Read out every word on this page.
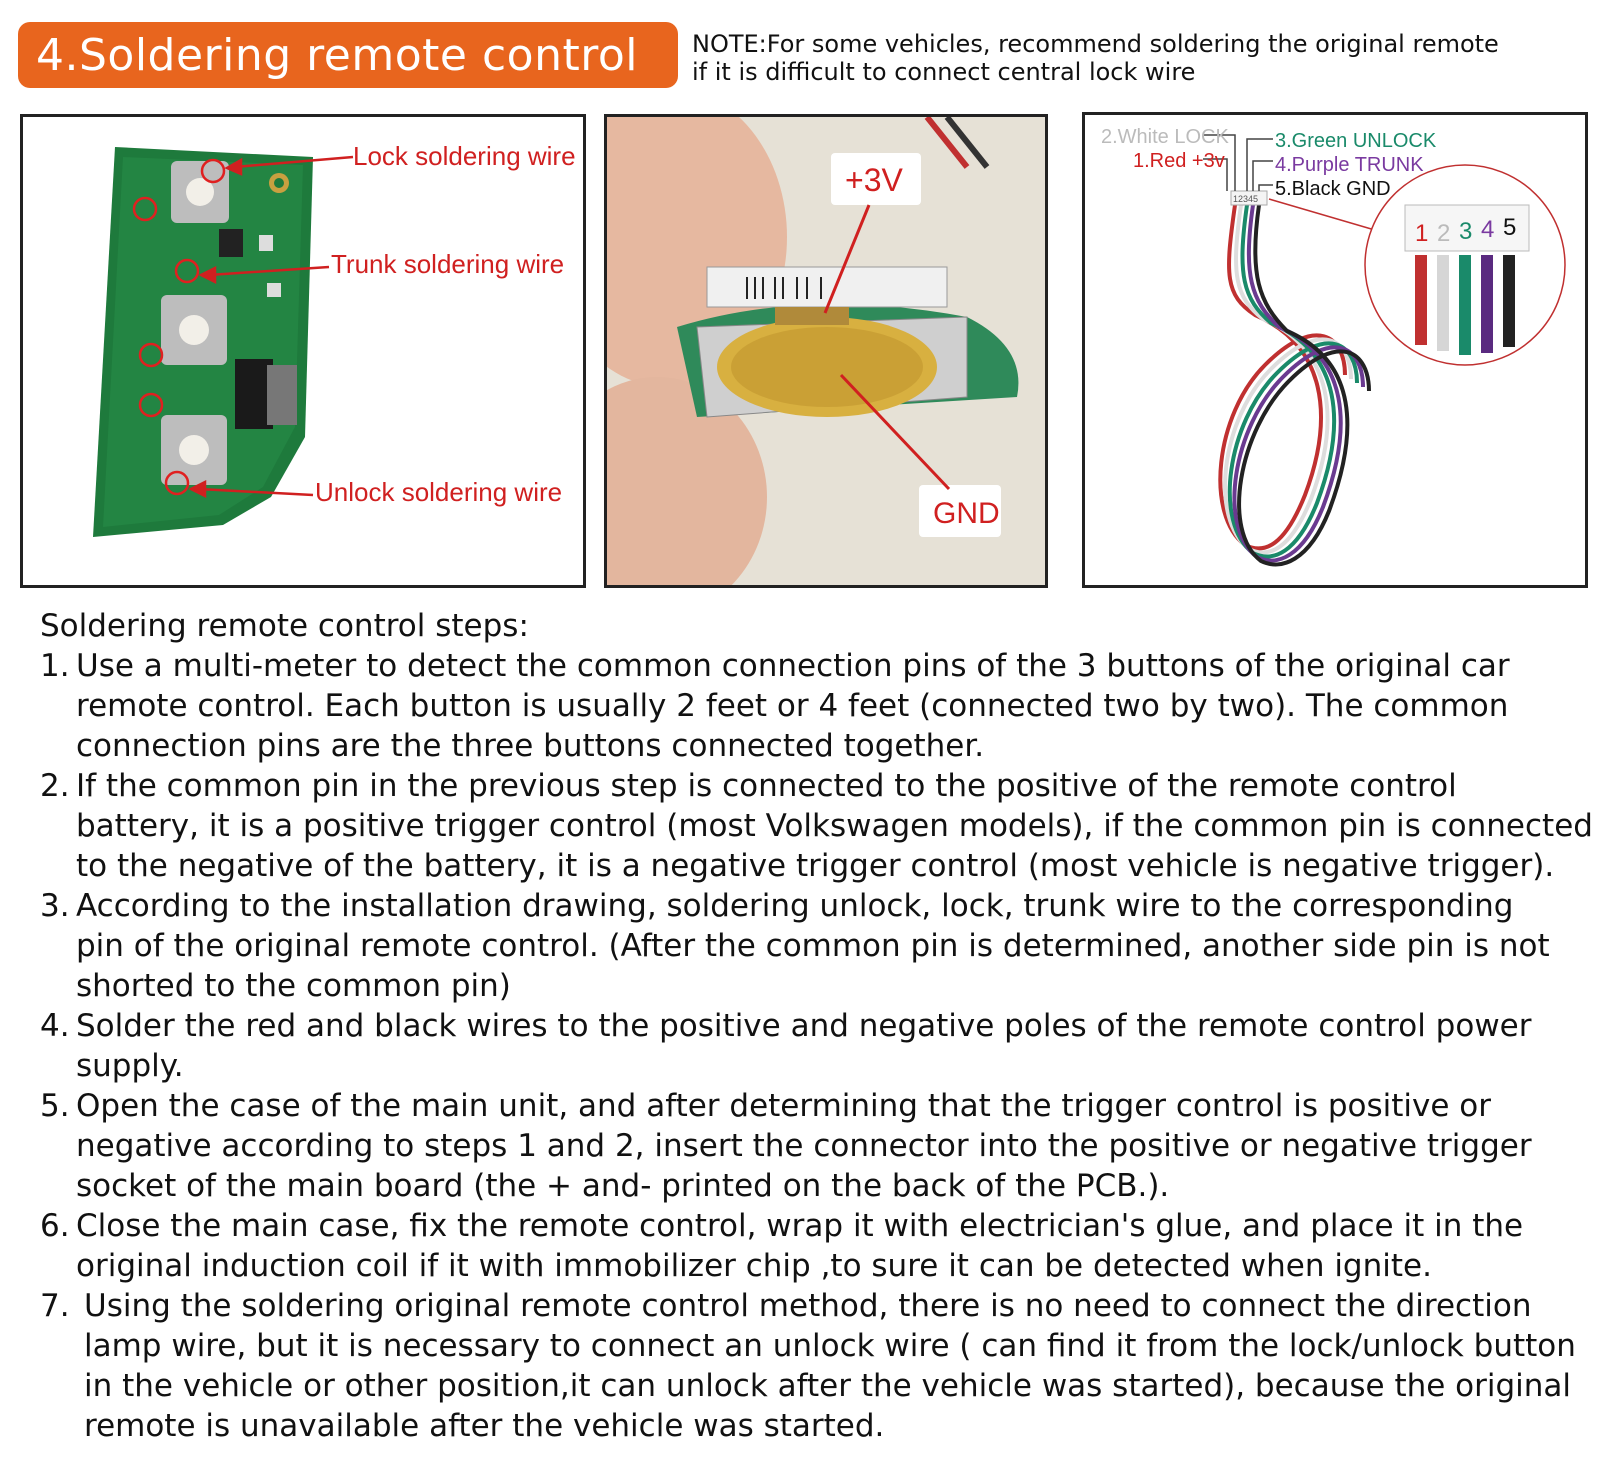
4.Soldering remote control NOTE:For some vehicles, recommend soldering the original remote
if it is difficult to connect central lock wire
Lock soldering wire
Trunk soldering wire
Unlock soldering wire
+3V
GND
12345
2.White LOCK
1.Red +3v
3.Green UNLOCK
4.Purple TRUNK
5.Black GND
1 2 3 4 5
Soldering remote control steps:
1. Use a multi-meter to detect the common connection pins of the 3 buttons of the original car
remote control. Each button is usually 2 feet or 4 feet (connected two by two). The common
connection pins are the three buttons connected together.
2. If the common pin in the previous step is connected to the positive of the remote control
battery, it is a positive trigger control (most Volkswagen models), if the common pin is connected
to the negative of the battery, it is a negative trigger control (most vehicle is negative trigger).
3. According to the installation drawing, soldering unlock, lock, trunk wire to the corresponding
pin of the original remote control. (After the common pin is determined, another side pin is not
shorted to the common pin)
4. Solder the red and black wires to the positive and negative poles of the remote control power
supply.
5. Open the case of the main unit, and after determining that the trigger control is positive or
negative according to steps 1 and 2, insert the connector into the positive or negative trigger
socket of the main board (the + and- printed on the back of the PCB.).
6. Close the main case, fix the remote control, wrap it with electrician's glue, and place it in the
original induction coil if it with immobilizer chip ,to sure it can be detected when ignite.
7. Using the soldering original remote control method, there is no need to connect the direction
lamp wire, but it is necessary to connect an unlock wire ( can find it from the lock/unlock button
in the vehicle or other position,it can unlock after the vehicle was started), because the original
remote is unavailable after the vehicle was started.
